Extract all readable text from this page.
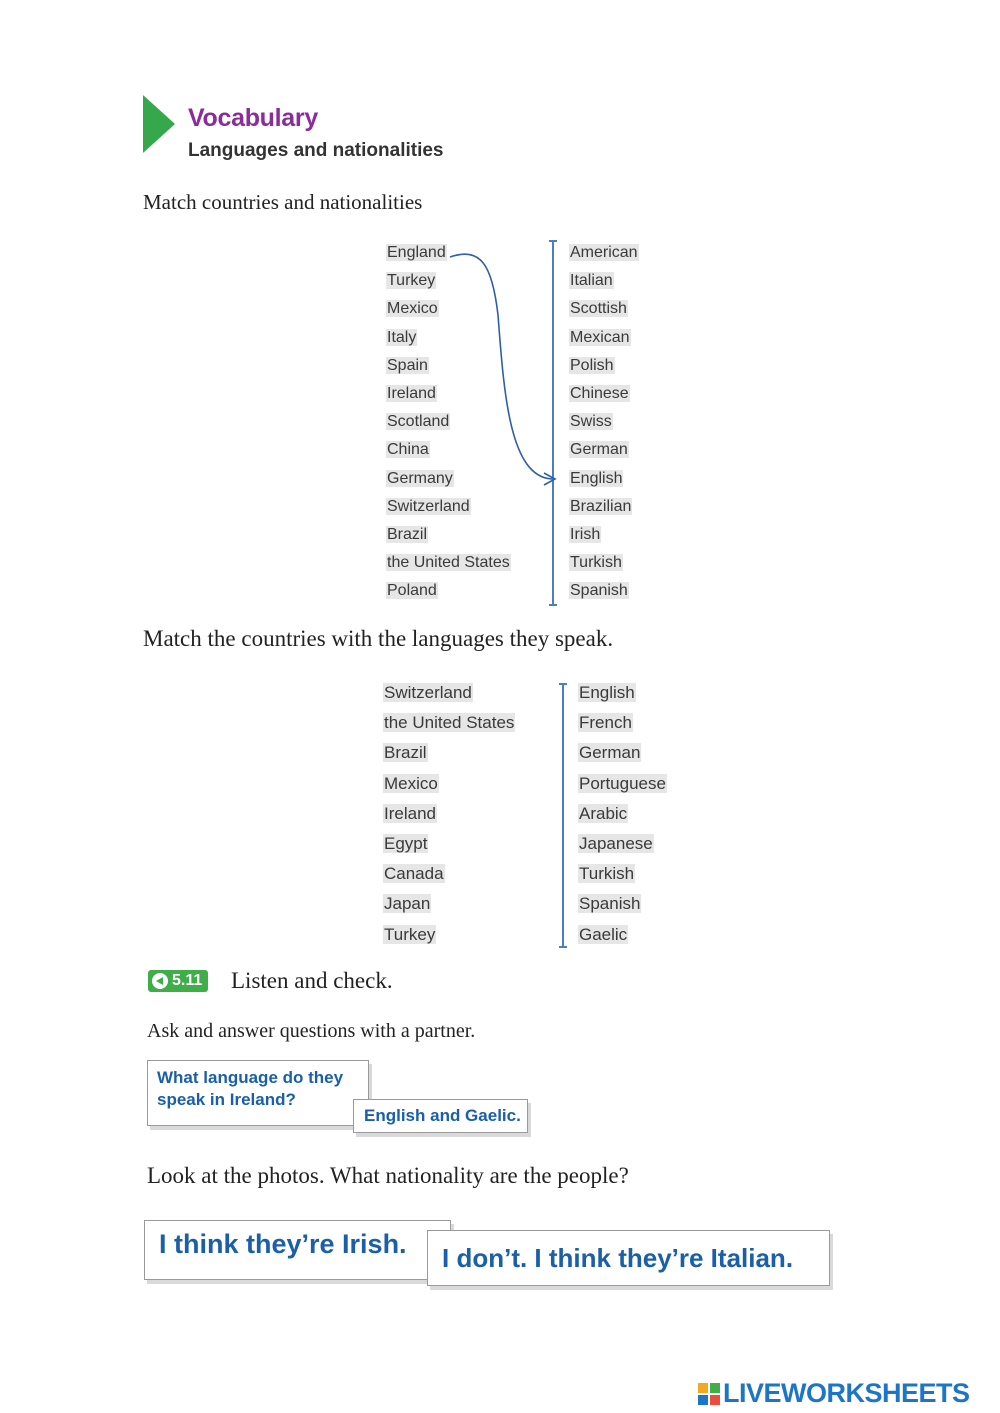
Vocabulary
Languages and nationalities
Match countries and nationalities
England
Turkey
Mexico
Italy
Spain
Ireland
Scotland
China
Germany
Switzerland
Brazil
the United States
Poland
American
Italian
Scottish
Mexican
Polish
Chinese
Swiss
German
English
Brazilian
Irish
Turkish
Spanish
Match the countries with the languages they speak.
Switzerland
the United States
Brazil
Mexico
Ireland
Egypt
Canada
Japan
Turkey
English
French
German
Portuguese
Arabic
Japanese
Turkish
Spanish
Gaelic
5.11 Listen and check.
Ask and answer questions with a partner.
What language do they speak in Ireland?
English and Gaelic.
Look at the photos. What nationality are the people?
I think they’re Irish.	I don’t. I think they’re Italian.
LIVEWORKSHEETS
